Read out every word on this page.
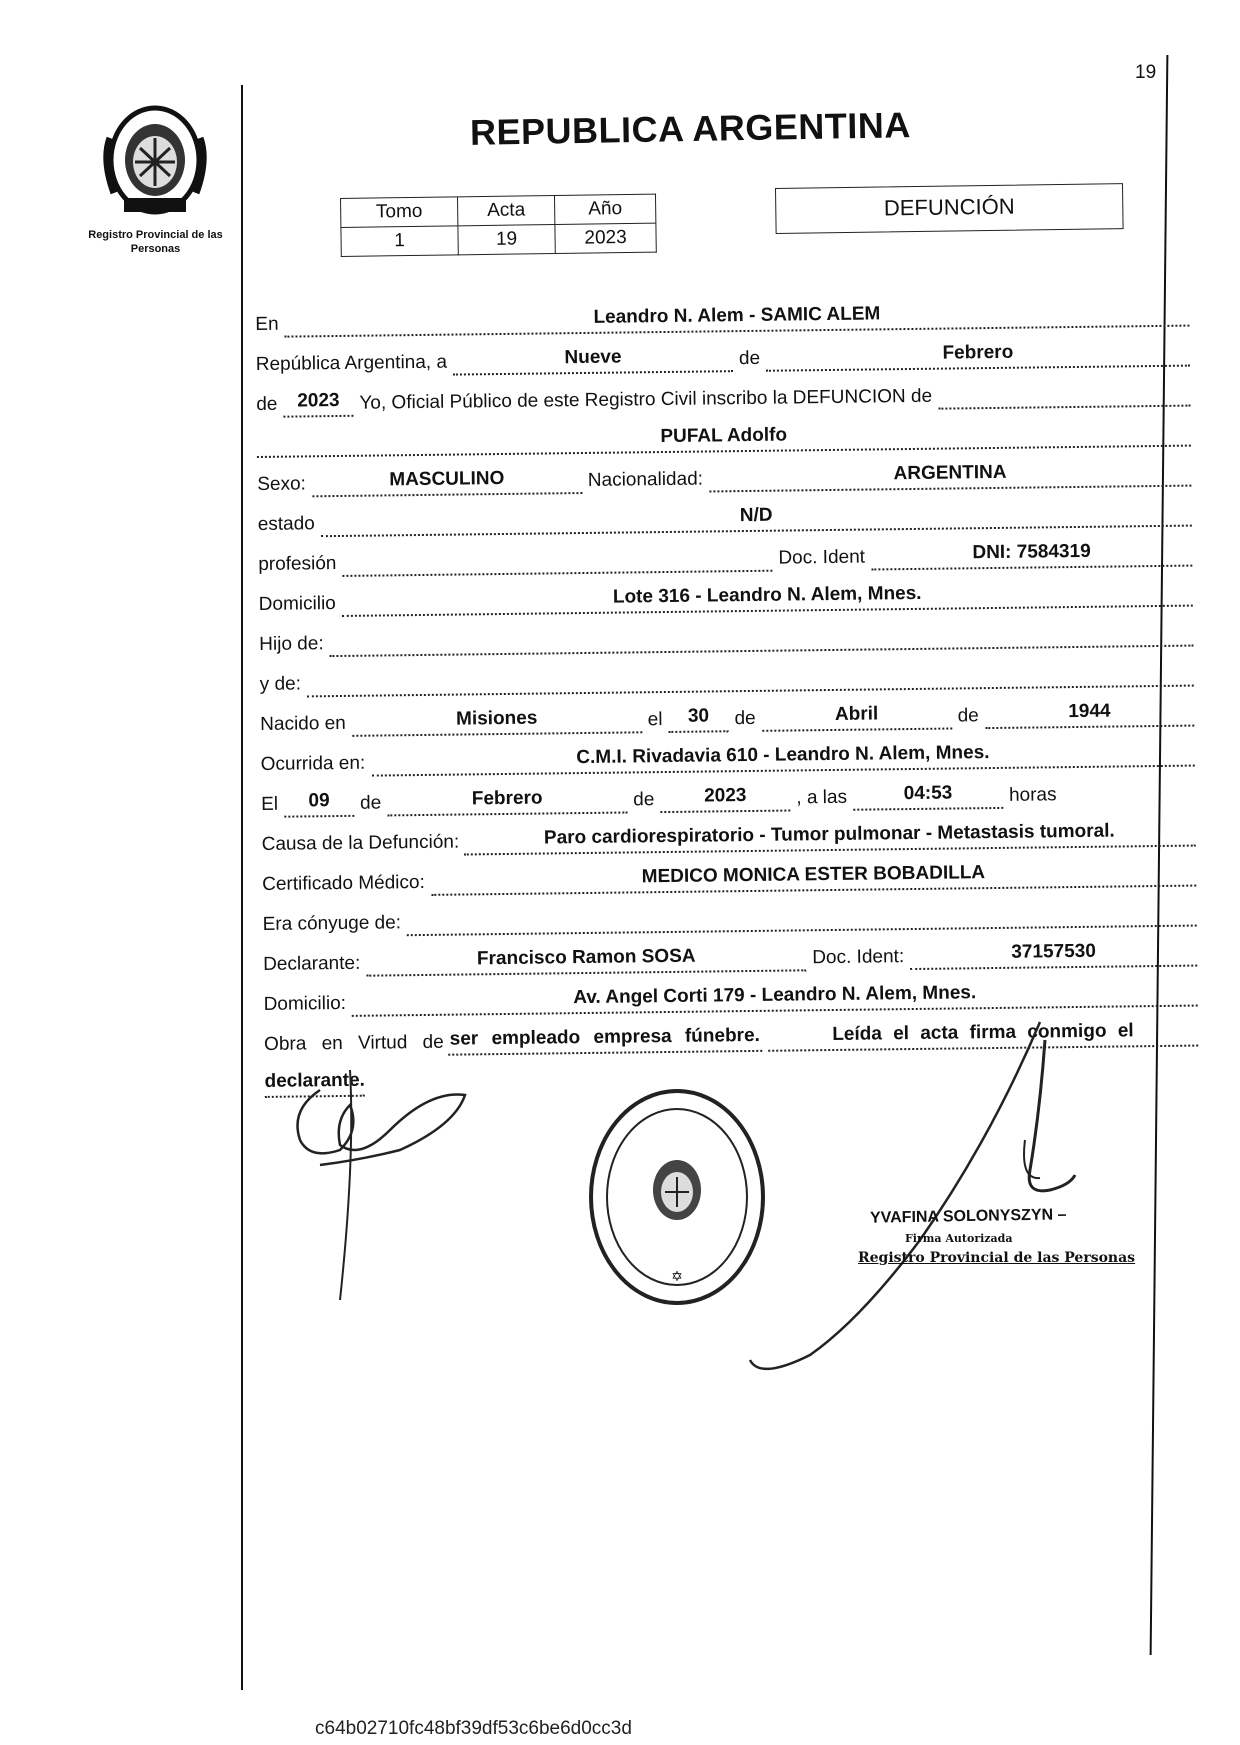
19
Registro Provincial de las Personas
REPUBLICA ARGENTINA
Tomo	Acta	Año
1	19	2023
DEFUNCIÓN
En	Leandro N. Alem - SAMIC ALEM
República Argentina, a	Nueve	de	Febrero
de 2023 Yo, Oficial Público de este Registro Civil inscribo la DEFUNCION de
PUFAL Adolfo
Sexo:	MASCULINO	Nacionalidad:	ARGENTINA
estado	N/D
profesión	Doc. Ident	DNI: 7584319
Domicilio	Lote 316 - Leandro N. Alem, Mnes.
Hijo de:
y de:
Nacido en	Misiones	el 30 de	Abril	de	1944
Ocurrida en:	C.M.I. Rivadavia 610 - Leandro N. Alem, Mnes.
El 09 de	Febrero	de	2023	, a las	04:53	horas
Causa de la Defunción:	Paro cardiorespiratorio - Tumor pulmonar - Metastasis tumoral.
Certificado Médico:	MEDICO MONICA ESTER BOBADILLA
Era cónyuge de:
Declarante:	Francisco Ramon SOSA	Doc. Ident:	37157530
Domicilio:	Av. Angel Corti 179 - Leandro N. Alem, Mnes.
Obra en Virtud de ser empleado empresa fúnebre.	Leída el acta firma conmigo el
declarante.
✡
YVAFINA SOLONYSZYN –
Firma Autorizada
Registro Provincial de las Personas
c64b02710fc48bf39df53c6be6d0cc3d
